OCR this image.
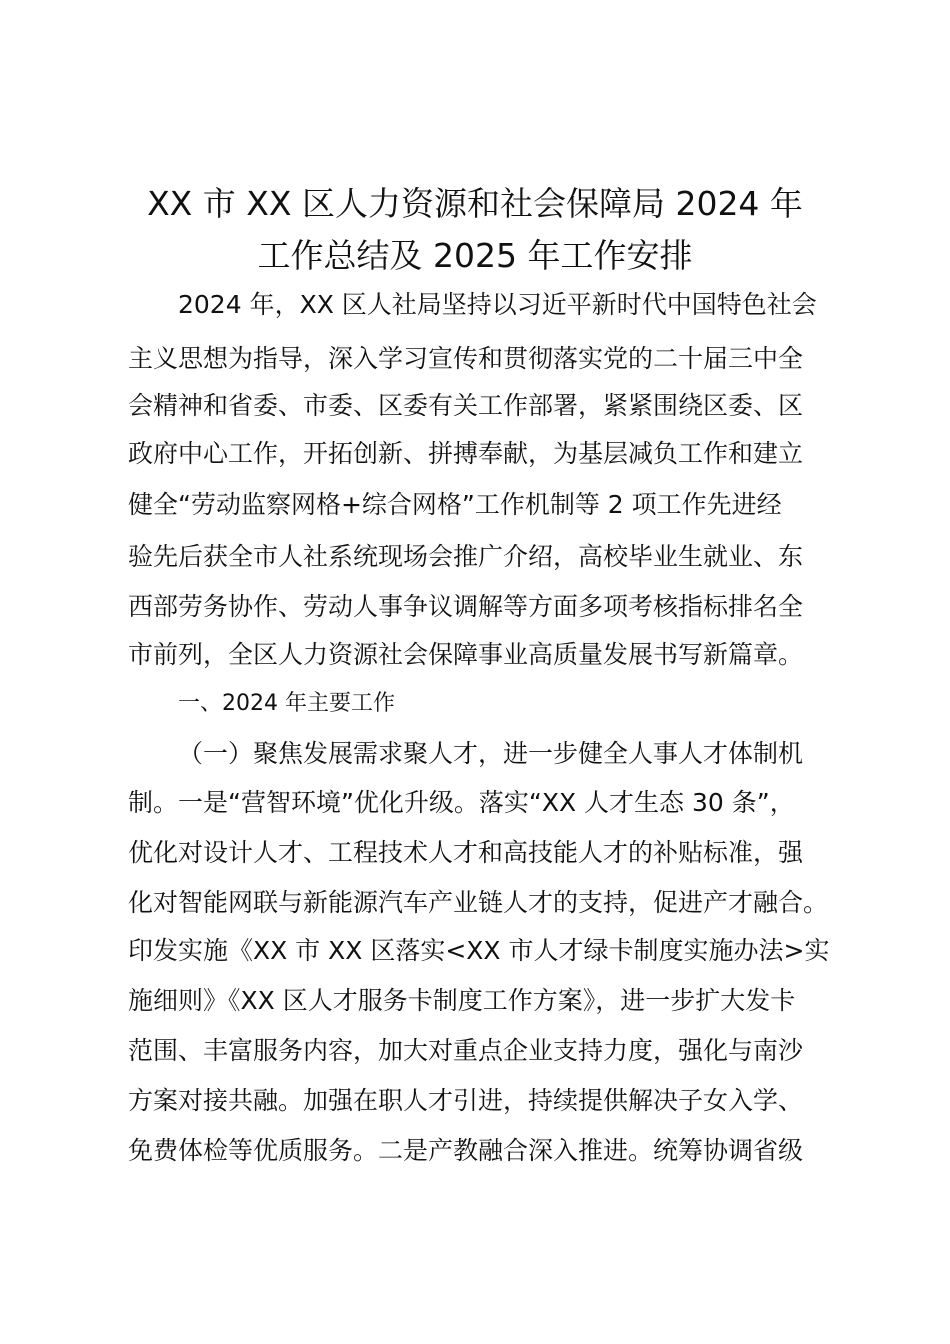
XX 市 XX 区人力资源和社会保障局 2024 年
工作总结及 2025 年工作安排

2024 年，XX 区人社局坚持以习近平新时代中国特色社会

主义思想为指导，深入学习宣传和贯彻落实党的二十届三中全

会精神和省委、市委、区委有关工作部署，紧紧围绕区委、区

政府中心工作，开拓创新、拼搏奉献，为基层减负工作和建立

健全“劳动监察网格+综合网格”工作机制等 2 项工作先进经

验先后获全市人社系统现场会推广介绍，高校毕业生就业、东

西部劳务协作、劳动人事争议调解等方面多项考核指标排名全

市前列，全区人力资源社会保障事业高质量发展书写新篇章。

一、2024 年主要工作

（一）聚焦发展需求聚人才，进一步健全人事人才体制机

制。一是“营智环境”优化升级。落实“XX 人才生态 30 条”，

优化对设计人才、工程技术人才和高技能人才的补贴标准，强

化对智能网联与新能源汽车产业链人才的支持，促进产才融合。

印发实施《XX 市 XX 区落实<XX 市人才绿卡制度实施办法>实

施细则》《XX 区人才服务卡制度工作方案》，进一步扩大发卡

范围、丰富服务内容，加大对重点企业支持力度，强化与南沙

方案对接共融。加强在职人才引进，持续提供解决子女入学、

免费体检等优质服务。二是产教融合深入推进。统筹协调省级
